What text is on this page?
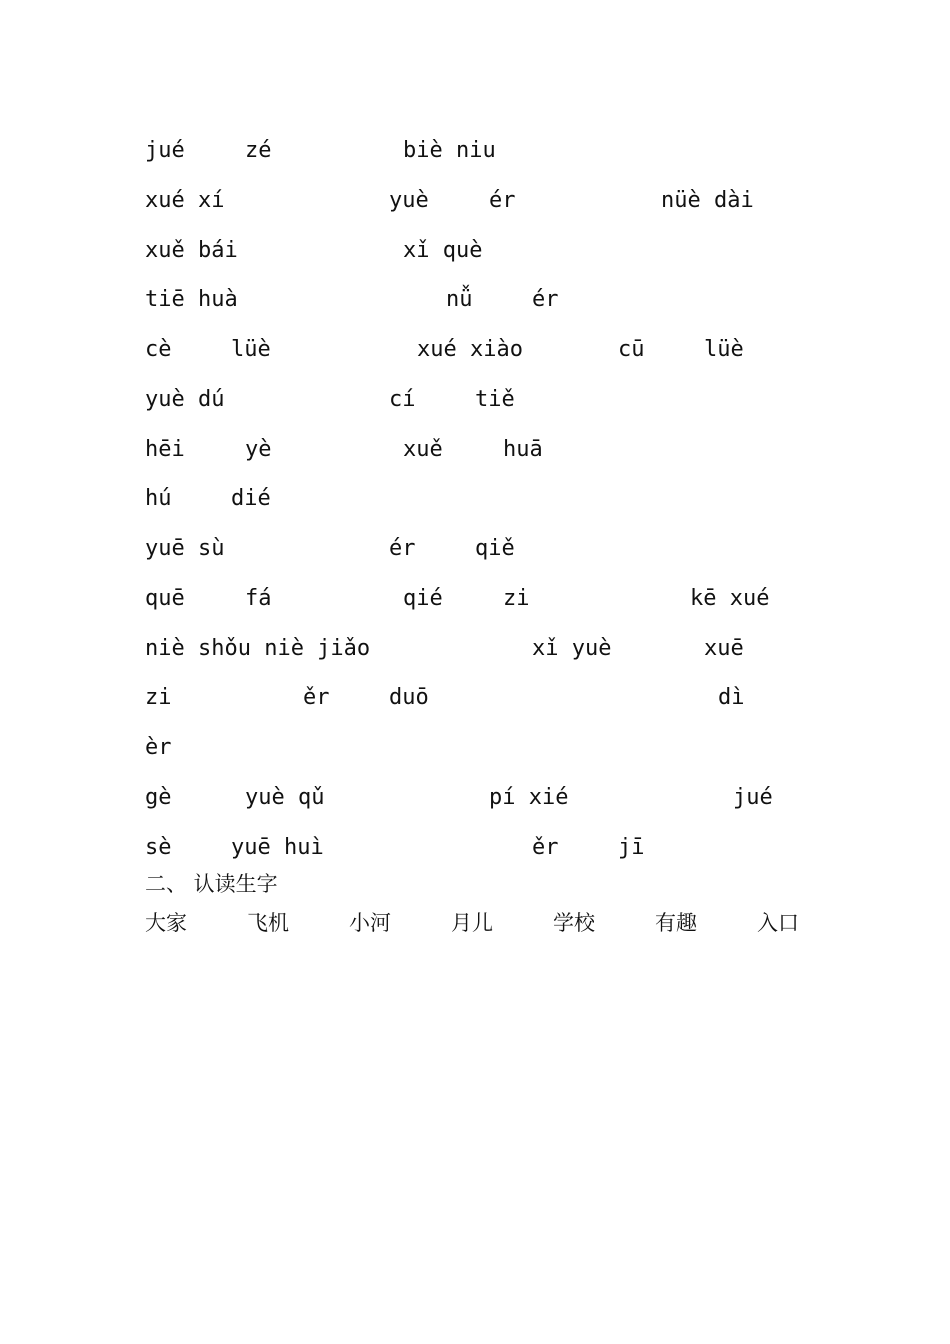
jué	zé	biè niu
xué xí	yuè	ér	nüè dài
xuě bái	xǐ què
tiē huà	nǚ	ér
cè	lüè	xué xiào	cū	lüè
yuè dú	cí	tiě
hēi	yè	xuě	huā
hú	dié
yuē sù	ér	qiě
quē	fá	qié	zi	kē xué
niè shǒu niè jiǎo	xǐ yuè	xuē
zi	ěr	duō	dì
èr
gè	yuè qǔ	pí xié	jué
sè	yuē huì	ěr	jī
二、 认读生字
大家	飞机	小河	月儿	学校	有趣	入口
